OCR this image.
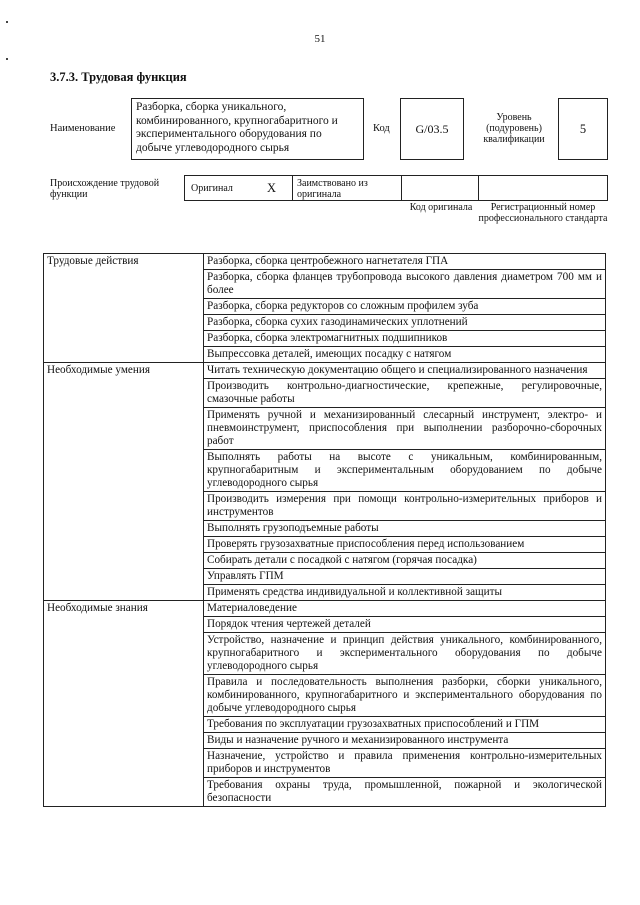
51
3.7.3. Трудовая функция
Наименование
Разборка, сборка уникального, комбинированного, крупногабаритного и экспериментального оборудования по добыче углеводородного сырья
Код G/03.5
Уровень (подуровень) квалификации
5
Происхождение трудовой функции
Оригинал	X Заимствовано из оригинала
Код оригинала	Регистрационный номер профессионального стандарта
Трудовые действия	Разборка, сборка центробежного нагнетателя ГПА
	Разборка, сборка фланцев трубопровода высокого давления диаметром 700 мм и более
	Разборка, сборка редукторов со сложным профилем зуба
	Разборка, сборка сухих газодинамических уплотнений
	Разборка, сборка электромагнитных подшипников
	Выпрессовка деталей, имеющих посадку с натягом
Необходимые умения	Читать техническую документацию общего и специализированного назначения
	Производить контрольно-диагностические, крепежные, регулировочные, смазочные работы
	Применять ручной и механизированный слесарный инструмент, электро- и пневмоинструмент, приспособления при выполнении разборочно-сборочных работ
	Выполнять работы на высоте с уникальным, комбинированным, крупногабаритным и экспериментальным оборудованием по добыче углеводородного сырья
	Производить измерения при помощи контрольно-измерительных приборов и инструментов
	Выполнять грузоподъемные работы
	Проверять грузозахватные приспособления перед использованием
	Собирать детали с посадкой с натягом (горячая посадка)
	Управлять ГПМ
	Применять средства индивидуальной и коллективной защиты
Необходимые знания	Материаловедение
	Порядок чтения чертежей деталей
	Устройство, назначение и принцип действия уникального, комбинированного, крупногабаритного и экспериментального оборудования по добыче углеводородного сырья
	Правила и последовательность выполнения разборки, сборки уникального, комбинированного, крупногабаритного и экспериментального оборудования по добыче углеводородного сырья
	Требования по эксплуатации грузозахватных приспособлений и ГПМ
	Виды и назначение ручного и механизированного инструмента
	Назначение, устройство и правила применения контрольно-измерительных приборов и инструментов
	Требования охраны труда, промышленной, пожарной и экологической безопасности
